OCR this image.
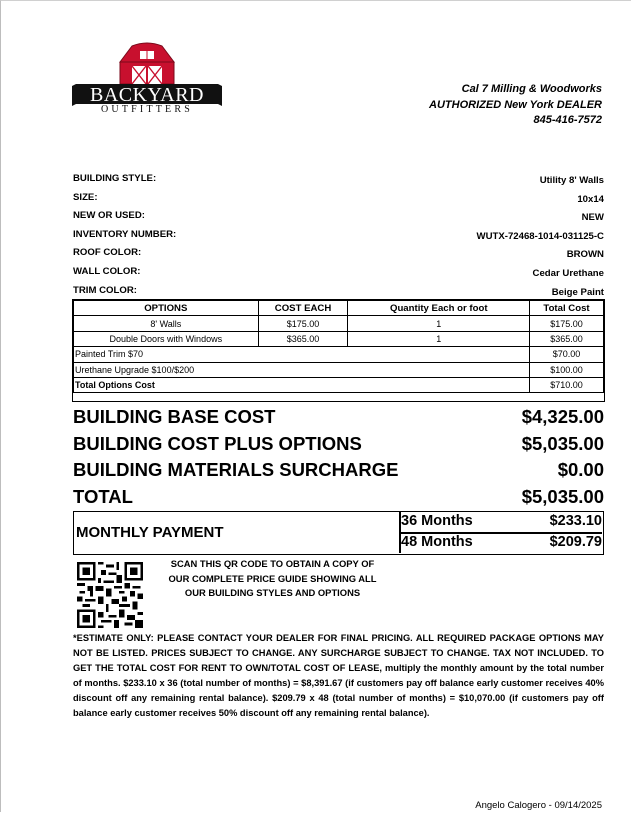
BACKYARD
OUTFITTERS
Cal 7 Milling & Woodworks
AUTHORIZED New York DEALER
845-416-7572
BUILDING STYLE:	Utility 8' Walls
SIZE:	10x14
NEW OR USED:	NEW
INVENTORY NUMBER:	WUTX-72468-1014-031125-C
ROOF COLOR:	BROWN
WALL COLOR:	Cedar Urethane
TRIM COLOR:	Beige Paint
OPTIONS	COST EACH	Quantity Each or foot	Total Cost
8' Walls	$175.00	1	$175.00
Double Doors with Windows	$365.00	1	$365.00
Painted Trim $70			$70.00
Urethane Upgrade $100/$200			$100.00
Total Options Cost			$710.00
BUILDING BASE COST	$4,325.00
BUILDING COST PLUS OPTIONS	$5,035.00
BUILDING MATERIALS SURCHARGE	$0.00
TOTAL	$5,035.00
MONTHLY PAYMENT
36 Months	$233.10
48 Months	$209.79
SCAN THIS QR CODE TO OBTAIN A COPY OF
OUR COMPLETE PRICE GUIDE SHOWING ALL
OUR BUILDING STYLES AND OPTIONS
*ESTIMATE ONLY: PLEASE CONTACT YOUR DEALER FOR FINAL PRICING. ALL REQUIRED PACKAGE OPTIONS MAY NOT BE LISTED. PRICES SUBJECT TO CHANGE. ANY SURCHARGE SUBJECT TO CHANGE. TAX NOT INCLUDED. TO GET THE TOTAL COST FOR RENT TO OWN/TOTAL COST OF LEASE, multiply the monthly amount by the total number of months. $233.10 x 36 (total number of months) = $8,391.67 (if customers pay off balance early customer receives 40% discount off any remaining rental balance). $209.79 x 48 (total number of months) = $10,070.00 (if customers pay off balance early customer receives 50% discount off any remaining rental balance).
Angelo Calogero - 09/14/2025
